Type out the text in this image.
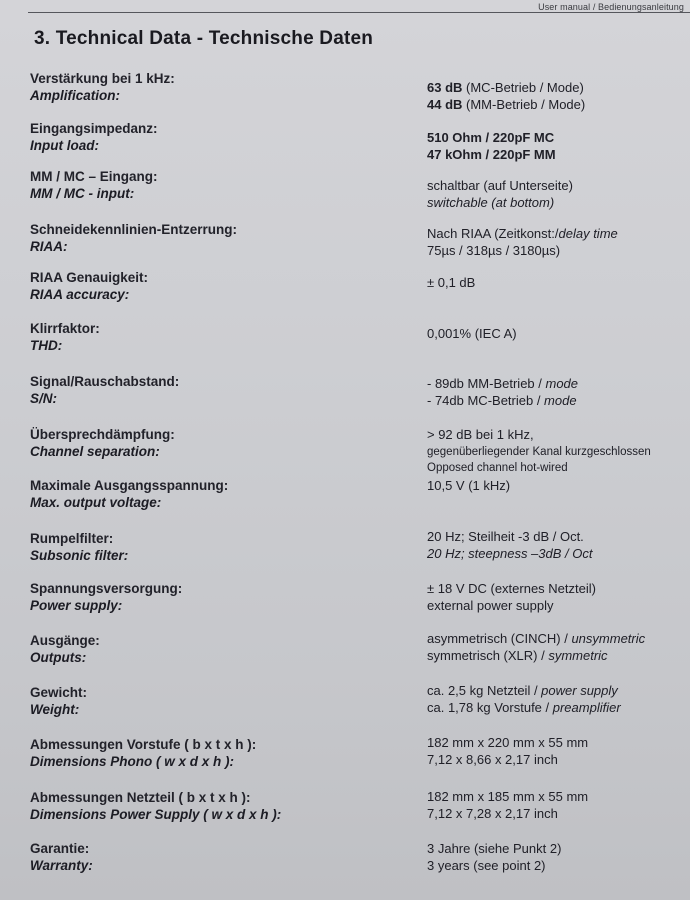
User manual / Bedienungsanleitung
3. Technical Data - Technische Daten
Verstärkung bei 1 kHz:
Amplification:
63 dB (MC-Betrieb / Mode)
44 dB (MM-Betrieb / Mode)
Eingangsimpedanz:
Input load:
510 Ohm / 220pF MC
47 kOhm / 220pF MM
MM / MC – Eingang:
MM / MC - input:
schaltbar (auf Unterseite)
switchable (at bottom)
Schneidekennlinien-Entzerrung:
RIAA:
Nach RIAA (Zeitkonst:/delay time
75µs / 318µs / 3180µs)
RIAA Genauigkeit:
RIAA accuracy:
± 0,1 dB
Klirrfaktor:
THD:
0,001% (IEC A)
Signal/Rauschabstand:
S/N:
- 89db MM-Betrieb / mode
- 74db MC-Betrieb / mode
Übersprechdämpfung:
Channel separation:
> 92 dB bei 1 kHz,
gegenüberliegender Kanal kurzgeschlossen
Opposed channel hot-wired
Maximale Ausgangsspannung:
Max. output voltage:
10,5 V (1 kHz)
Rumpelfilter:
Subsonic filter:
20 Hz; Steilheit -3 dB / Oct.
20 Hz; steepness –3dB / Oct
Spannungsversorgung:
Power supply:
± 18 V DC (externes Netzteil)
external power supply
Ausgänge:
Outputs:
asymmetrisch (CINCH) / unsymmetric
symmetrisch (XLR) / symmetric
Gewicht:
Weight:
ca. 2,5 kg Netzteil / power supply
ca. 1,78 kg Vorstufe / preamplifier
Abmessungen Vorstufe ( b x t x h ):
Dimensions Phono ( w x d x h ):
182 mm x 220 mm x 55 mm
7,12 x 8,66 x 2,17 inch
Abmessungen Netzteil ( b x t x h ):
Dimensions Power Supply ( w x d x h ):
182 mm x 185 mm x 55 mm
7,12 x 7,28 x 2,17 inch
Garantie:
Warranty:
3 Jahre (siehe Punkt 2)
3 years (see point 2)
